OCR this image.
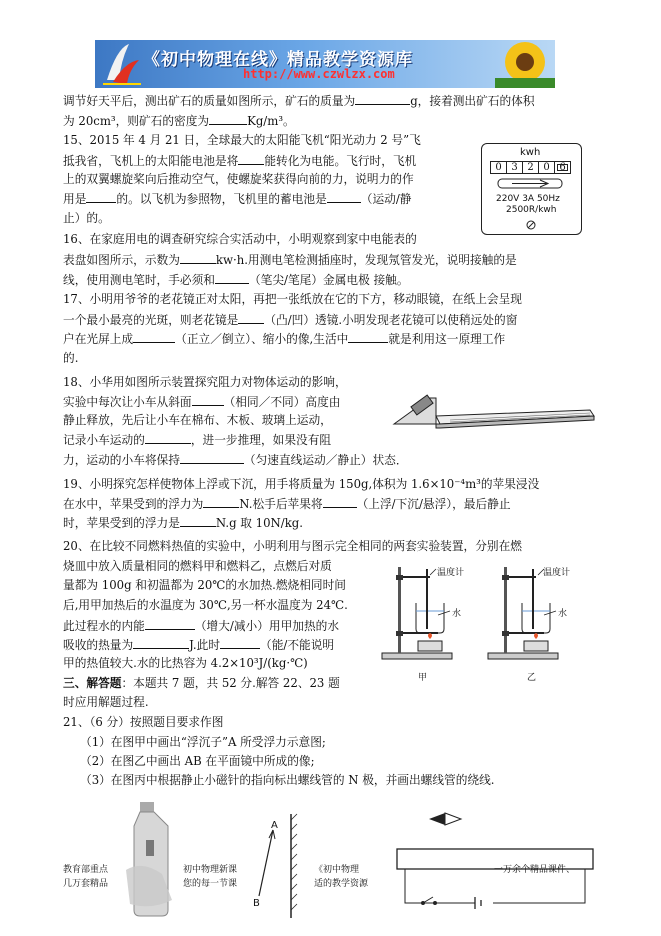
《初中物理在线》精品教学资源库
http://www.czwlzx.com
调节好天平后，测出矿石的质量如图所示，矿石的质量为	g，接着测出矿石的体积
为 20cm³，则矿石的密度为	Kg/m³。
15、2015 年 4 月 21 日，全球最大的太阳能飞机“阳光动力 2 号”飞
抵我省，飞机上的太阳能电池是将 能转化为电能。飞行时，飞机
上的双翼螺旋桨向后推动空气，使螺旋桨获得向前的力，说明力的作
用是	的。以飞机为参照物，飞机里的蓄电池是	（运动/静
止）的。
kwh
0 3 2 0 6
220V 3A 50Hz
2500R/kwh
16、在家庭用电的调查研究综合实活动中，小明观察到家中电能表的
表盘如图所示，示数为	kw·h.用测电笔检测插座时，发现氖管发光，说明接触的是
线，使用测电笔时，手必须和	（笔尖/笔尾）金属电极 接触。
17、小明用爷爷的老花镜正对太阳，再把一张纸放在它的下方，移动眼镜，在纸上会呈现
一个最小最亮的光斑，则老花镜是 （凸/凹）透镜.小明发现老花镜可以使稍远处的窗
户在光屏上成	（正立／倒立）、缩小的像,生活中	就是利用这一原理工作
的.
18、小华用如图所示装置探究阻力对物体运动的影响，
实验中每次让小车从斜面	（相同／不同）高度由
静止释放，先后让小车在棉布、木板、玻璃上运动，
记录小车运动的	，进一步推理，如果没有阻
力，运动的小车将保持	（匀速直线运动／静止）状态．
19、小明探究怎样使物体上浮或下沉，用手将质量为 150g,体积为 1.6×10⁻⁴m³的苹果浸没
在水中，苹果受到的浮力为	N.松手后苹果将	（上浮/下沉/悬浮），最后静止
时，苹果受到的浮力是	N.g 取 10N/kg.
20、在比较不同燃料热值的实验中，小明利用与图示完全相同的两套实验装置，分别在燃
烧皿中放入质量相同的燃料甲和燃料乙，点燃后对质
量都为 100g 和初温都为 20℃的水加热.燃烧相同时间
后,用甲加热后的水温度为 30℃,另一杯水温度为 24℃.
此过程水的内能	（增大/减小）用甲加热的水
吸收的热量为	J.此时	（能/不能说明
甲的热值较大.水的比热容为 4.2×10³J/(kg·℃)
温度计	温度计
水	水
甲	乙
三、解答题：本题共 7 题，共 52 分.解答 22、23 题
时应用解题过程.
21、（6 分）按照题目要求作图
（1）在图甲中画出“浮沉子”A 所受浮力示意图;
（2）在图乙中画出 AB 在平面镜中所成的像;
（3）在图丙中根据静止小磁针的指向标出螺线管的 N 极，并画出螺线管的绕线.
A
B
教育部重点
几万套精品
初中物理新课
您的每一节课
《初中物理
适的教学资源
一万余个精品课件、
